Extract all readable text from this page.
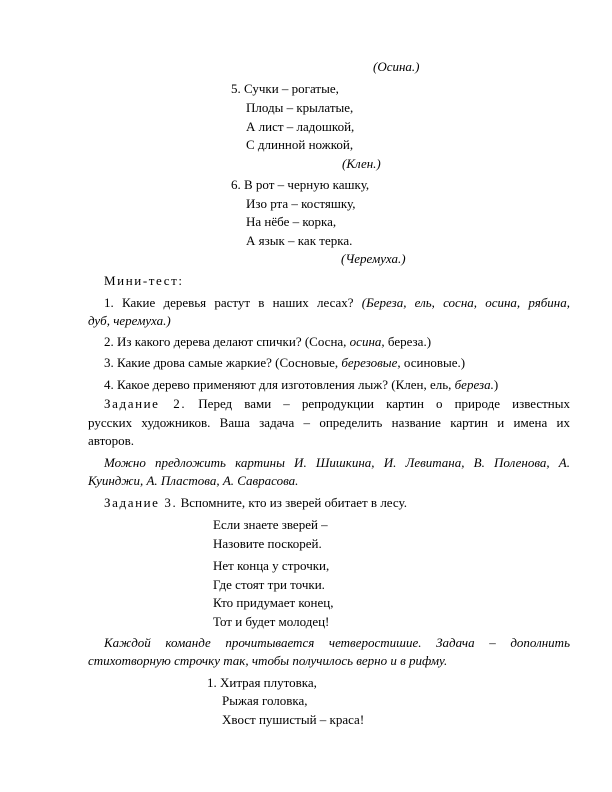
(Осина.)
5. Сучки – рогатые,
Плоды – крылатые,
А лист – ладошкой,
С длинной ножкой,
(Клен.)
6. В рот – черную кашку,
Изо рта – костяшку,
На нёбе – корка,
А язык – как терка.
(Черемуха.)
Мини-тест:
1. Какие деревья растут в наших лесах? (Береза, ель, сосна, осина, рябина,
дуб, черемуха.)
2. Из какого дерева делают спички? (Сосна, осина, береза.)
3. Какие дрова самые жаркие? (Сосновые, березовые, осиновые.)
4. Какое дерево применяют для изготовления лыж? (Клен, ель, береза.)
Задание 2. Перед вами – репродукции картин о природе известных
русских художников. Ваша задача – определить название картин и имена их
авторов.
Можно предложить картины И. Шишкина, И. Левитана, В. Поленова, А.
Куинджи, А. Пластова, А. Саврасова.
Задание 3. Вспомните, кто из зверей обитает в лесу.
Если знаете зверей –
Назовите поскорей.
Нет конца у строчки,
Где стоят три точки.
Кто придумает конец,
Тот и будет молодец!
Каждой команде прочитывается четверостишие. Задача – дополнить
стихотворную строчку так, чтобы получилось верно и в рифму.
1. Хитрая плутовка,
Рыжая головка,
Хвост пушистый – краса!
